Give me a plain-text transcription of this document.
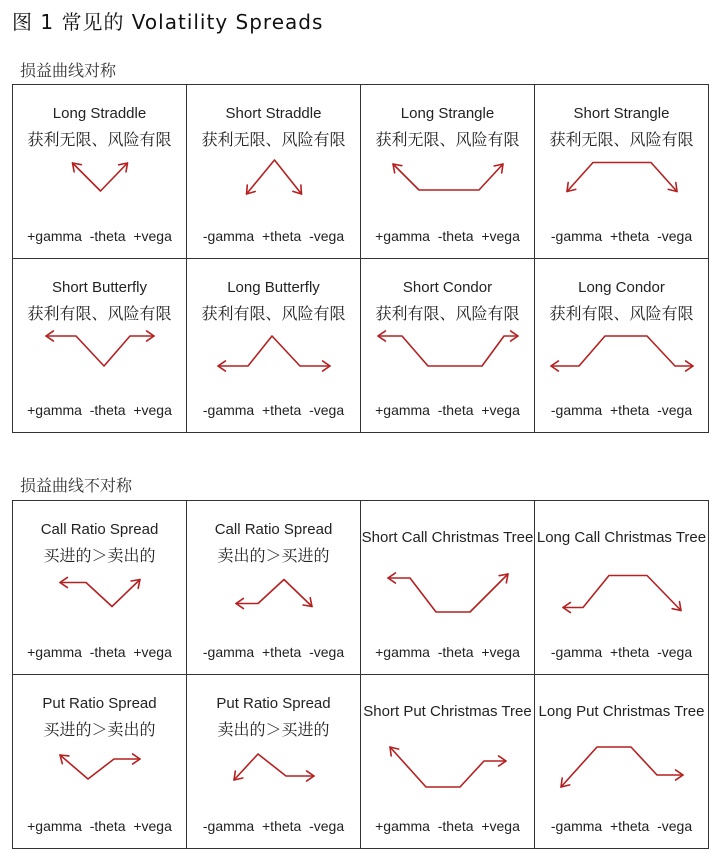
图 1 常见的 Volatility Spreads
损益曲线对称
Long Straddle
获利无限、风险有限
+gamma  -theta  +vega
Short Straddle
获利无限、风险有限
-gamma  +theta  -vega
Long Strangle
获利无限、风险有限
+gamma  -theta  +vega
Short Strangle
获利无限、风险有限
-gamma  +theta  -vega
Short Butterfly
获利有限、风险有限
+gamma  -theta  +vega
Long Butterfly
获利有限、风险有限
-gamma  +theta  -vega
Short Condor
获利有限、风险有限
+gamma  -theta  +vega
Long Condor
获利有限、风险有限
-gamma  +theta  -vega
损益曲线不对称
Call Ratio Spread
买进的＞卖出的
+gamma  -theta  +vega
Call Ratio Spread
卖出的＞买进的
-gamma  +theta  -vega
Short Call Christmas Tree
+gamma  -theta  +vega
Long Call Christmas Tree
-gamma  +theta  -vega
Put Ratio Spread
买进的＞卖出的
+gamma  -theta  +vega
Put Ratio Spread
卖出的＞买进的
-gamma  +theta  -vega
Short Put Christmas Tree
+gamma  -theta  +vega
Long Put Christmas Tree
-gamma  +theta  -vega
